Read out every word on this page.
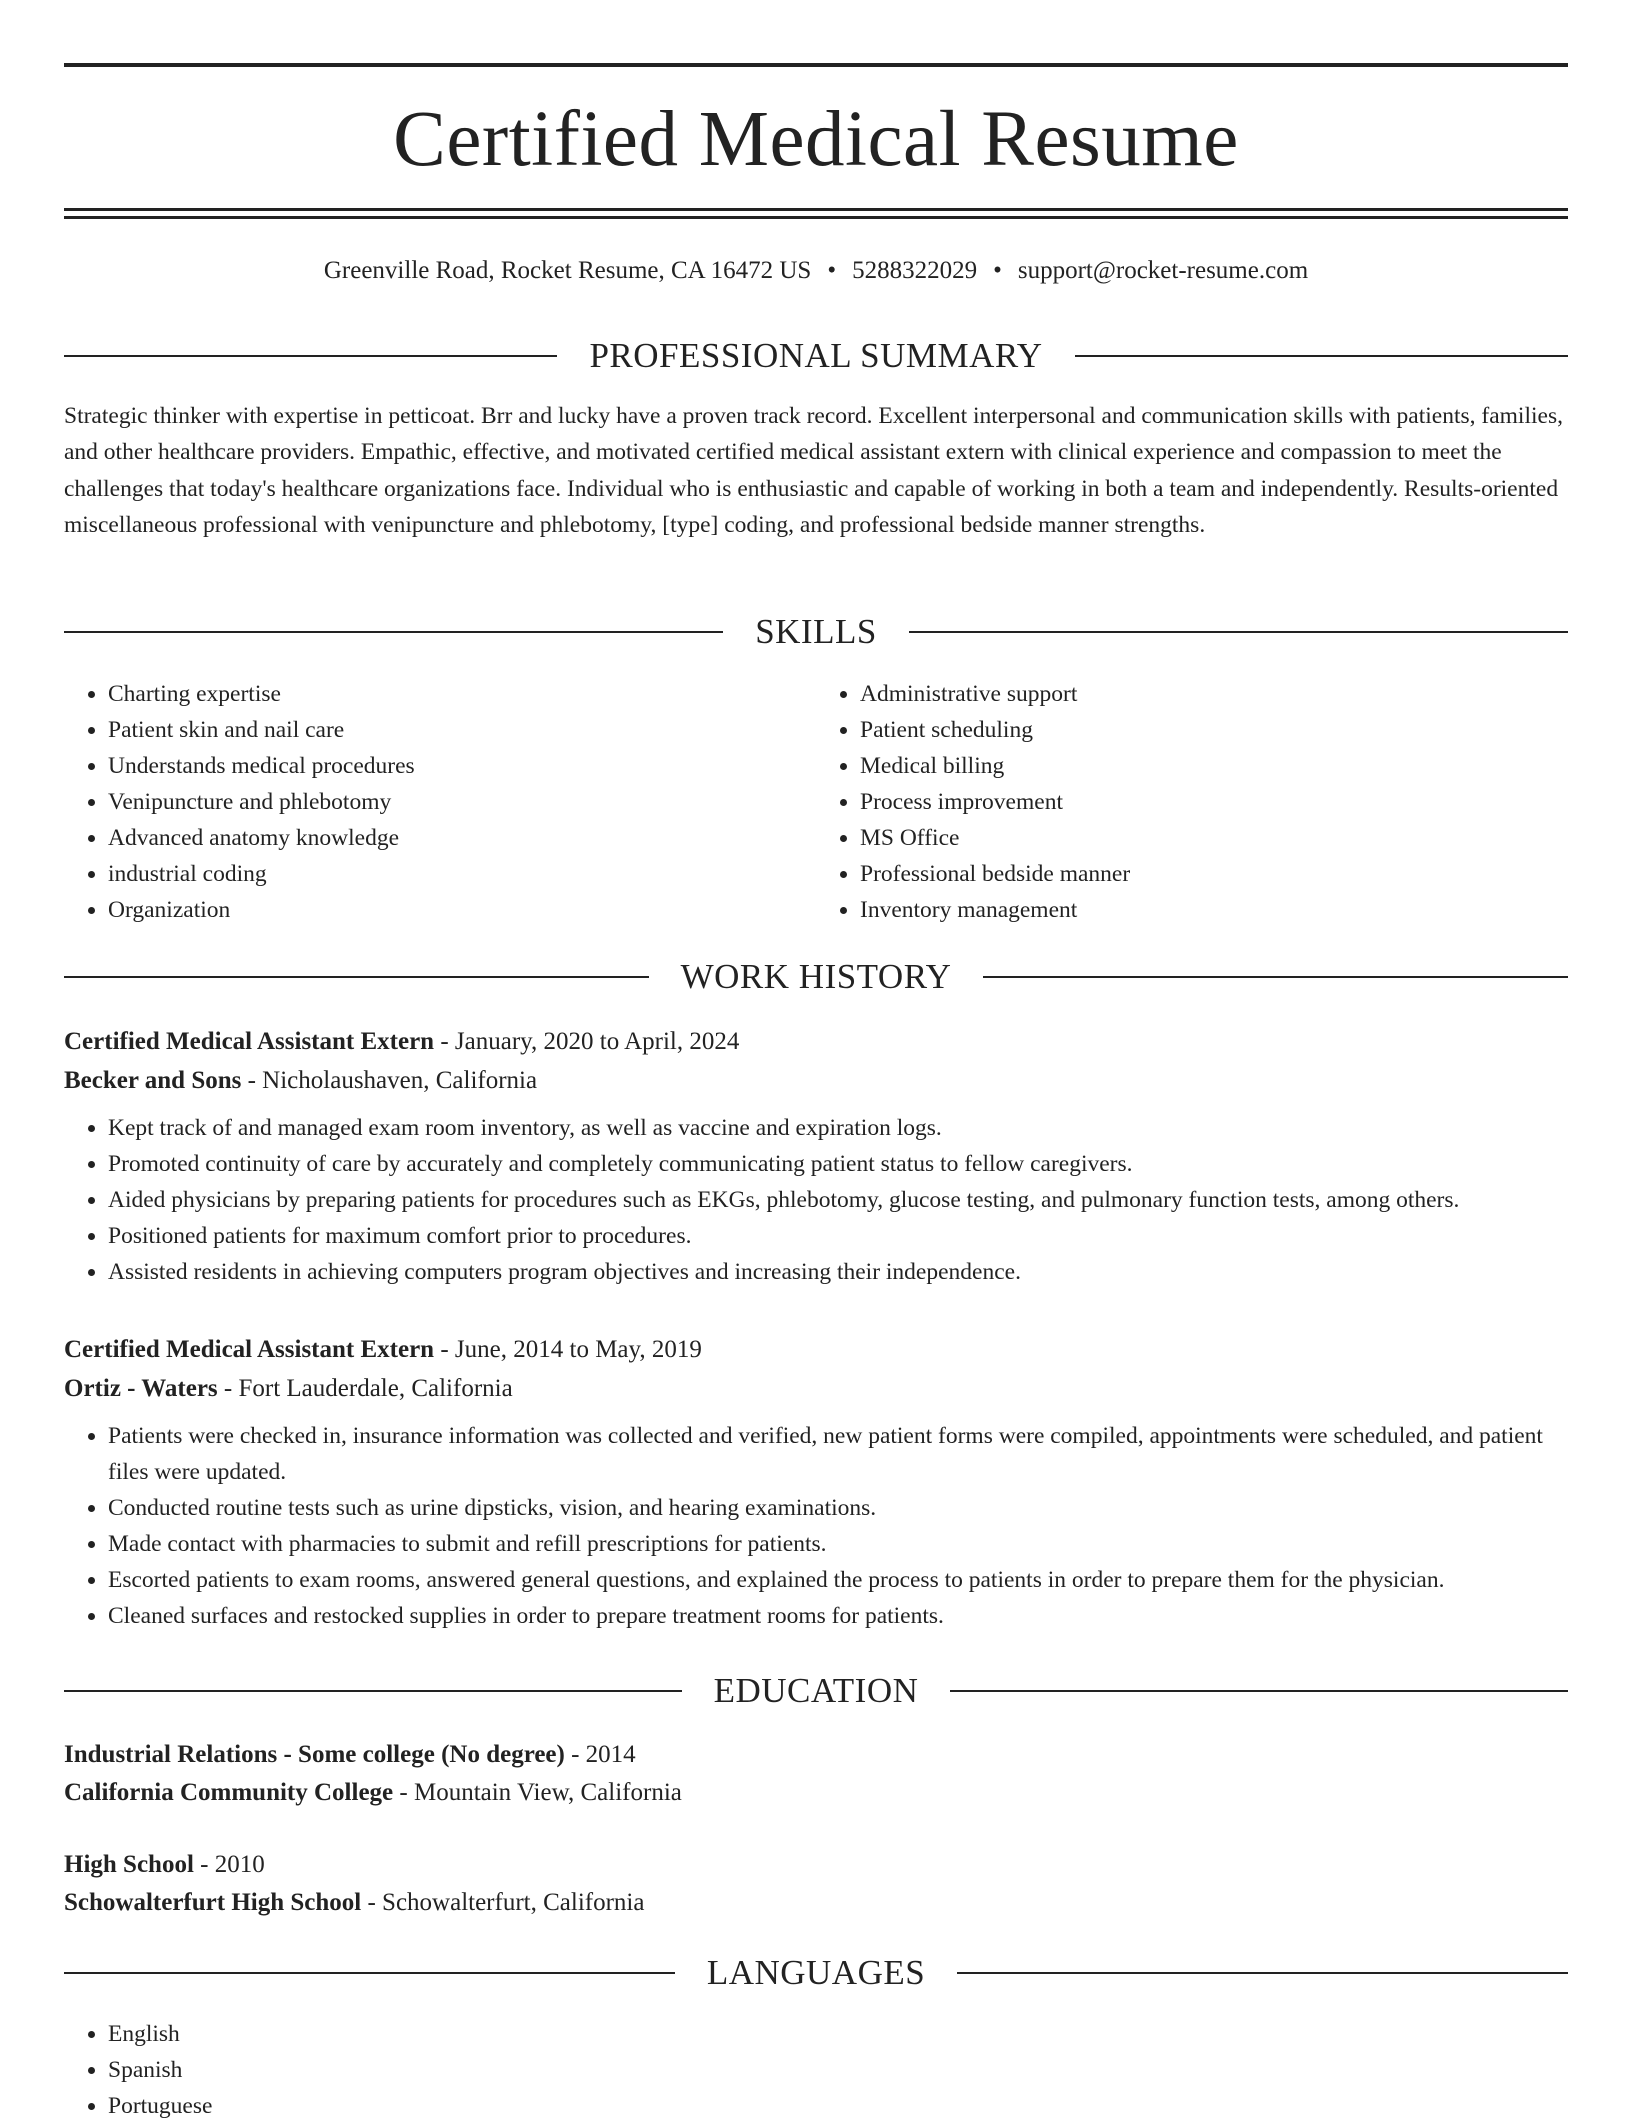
Certified Medical Resume
Greenville Road, Rocket Resume, CA 16472 US • 5288322029 • support@rocket-resume.com
PROFESSIONAL SUMMARY

Strategic thinker with expertise in petticoat. Brr and lucky have a proven track record. Excellent interpersonal and communication skills with patients, families, and other healthcare providers. Empathic, effective, and motivated certified medical assistant extern with clinical experience and compassion to meet the challenges that today's healthcare organizations face. Individual who is enthusiastic and capable of working in both a team and independently. Results-oriented miscellaneous professional with venipuncture and phlebotomy, [type] coding, and professional bedside manner strengths.

SKILLS
• Charting expertise
• Patient skin and nail care
• Understands medical procedures
• Venipuncture and phlebotomy
• Advanced anatomy knowledge
• industrial coding
• Organization
• Administrative support
• Patient scheduling
• Medical billing
• Process improvement
• MS Office
• Professional bedside manner
• Inventory management
WORK HISTORY
Certified Medical Assistant Extern - January, 2020 to April, 2024
Becker and Sons - Nicholaushaven, California
• Kept track of and managed exam room inventory, as well as vaccine and expiration logs.
• Promoted continuity of care by accurately and completely communicating patient status to fellow caregivers.
• Aided physicians by preparing patients for procedures such as EKGs, phlebotomy, glucose testing, and pulmonary function tests, among others.
• Positioned patients for maximum comfort prior to procedures.
• Assisted residents in achieving computers program objectives and increasing their independence.
Certified Medical Assistant Extern - June, 2014 to May, 2019
Ortiz - Waters - Fort Lauderdale, California
• Patients were checked in, insurance information was collected and verified, new patient forms were compiled, appointments were scheduled, and patient files were updated.
• Conducted routine tests such as urine dipsticks, vision, and hearing examinations.
• Made contact with pharmacies to submit and refill prescriptions for patients.
• Escorted patients to exam rooms, answered general questions, and explained the process to patients in order to prepare them for the physician.
• Cleaned surfaces and restocked supplies in order to prepare treatment rooms for patients.
EDUCATION
Industrial Relations - Some college (No degree) - 2014
California Community College - Mountain View, California
High School - 2010
Schowalterfurt High School - Schowalterfurt, California
LANGUAGES
• English
• Spanish
• Portuguese
